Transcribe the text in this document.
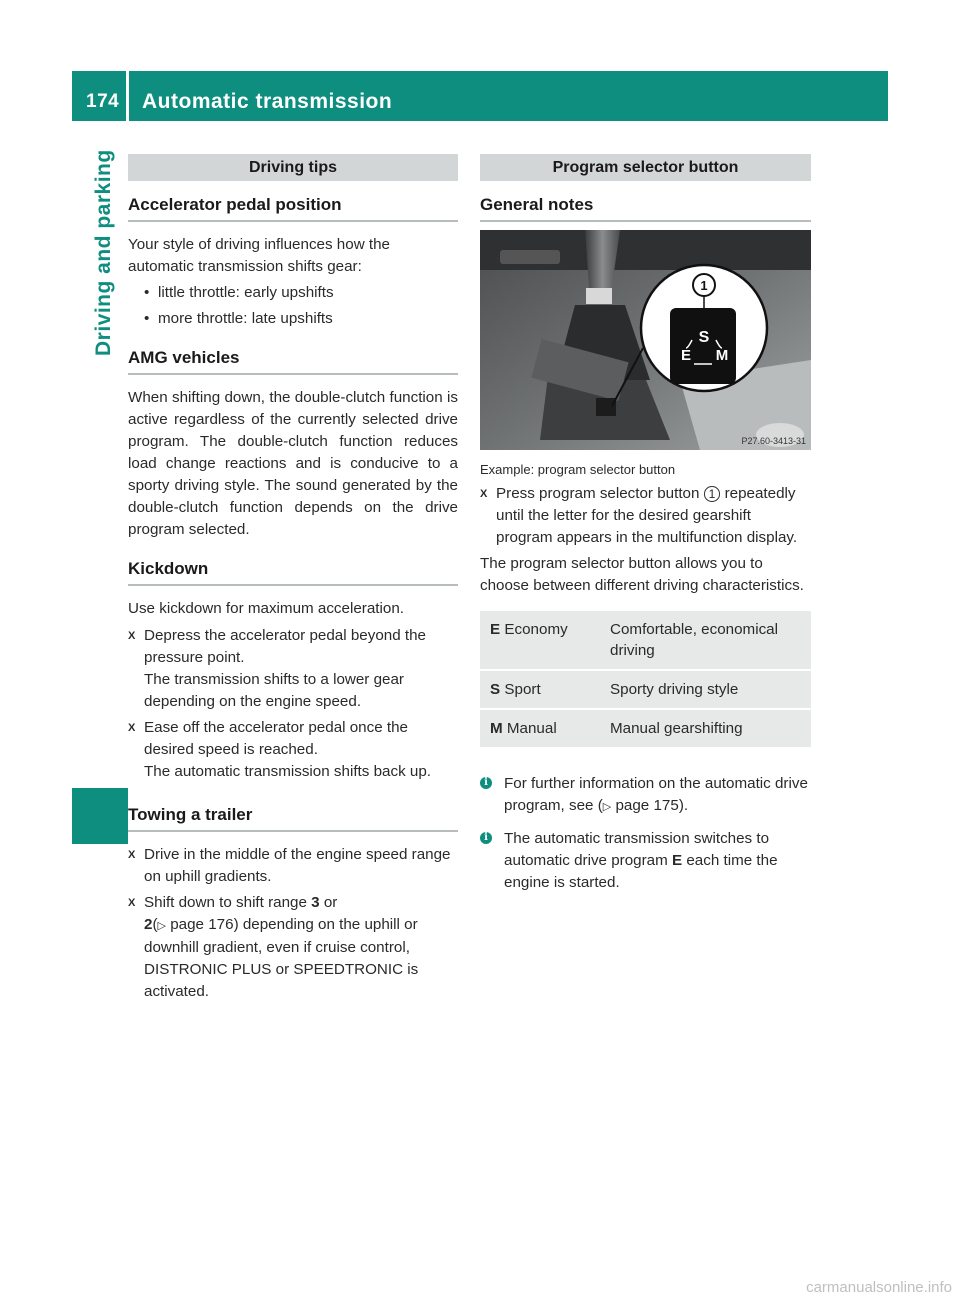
174 Automatic transmission
Driving and parking	Driving tips
Accelerator pedal position

Your style of driving influences how the automatic transmission shifts gear:

• little throttle: early upshifts
• more throttle: late upshifts
AMG vehicles

When shifting down, the double-clutch function is active regardless of the currently selected drive program. The double-clutch function reduces load change reactions and is conducive to a sporty driving style. The sound generated by the double-clutch function depends on the drive program selected.

Kickdown

Use kickdown for maximum acceleration.

X Depress the accelerator pedal beyond the pressure point.
The transmission shifts to a lower gear depending on the engine speed.
X Ease off the accelerator pedal once the desired speed is reached.
The automatic transmission shifts back up.
Towing a trailer
X Drive in the middle of the engine speed range on uphill gradients.
X Shift down to shift range 3 or
2(▷ page 176) depending on the uphill or downhill gradient, even if cruise control, DISTRONIC PLUS or SPEEDTRONIC is activated.
Program selector button
General notes
1
S
E M
P27.60-3413-31
Example: program selector button
X Press program selector button 1 repeatedly until the letter for the desired gearshift program appears in the multifunction display.

The program selector button allows you to choose between different driving characteristics.

E Economy	Comfortable, economical driving
S Sport	Sporty driving style
M Manual	Manual gearshifting
i For further information on the automatic drive program, see (▷ page 175).
i The automatic transmission switches to automatic drive program E each time the engine is started.
carmanualsonline.info
